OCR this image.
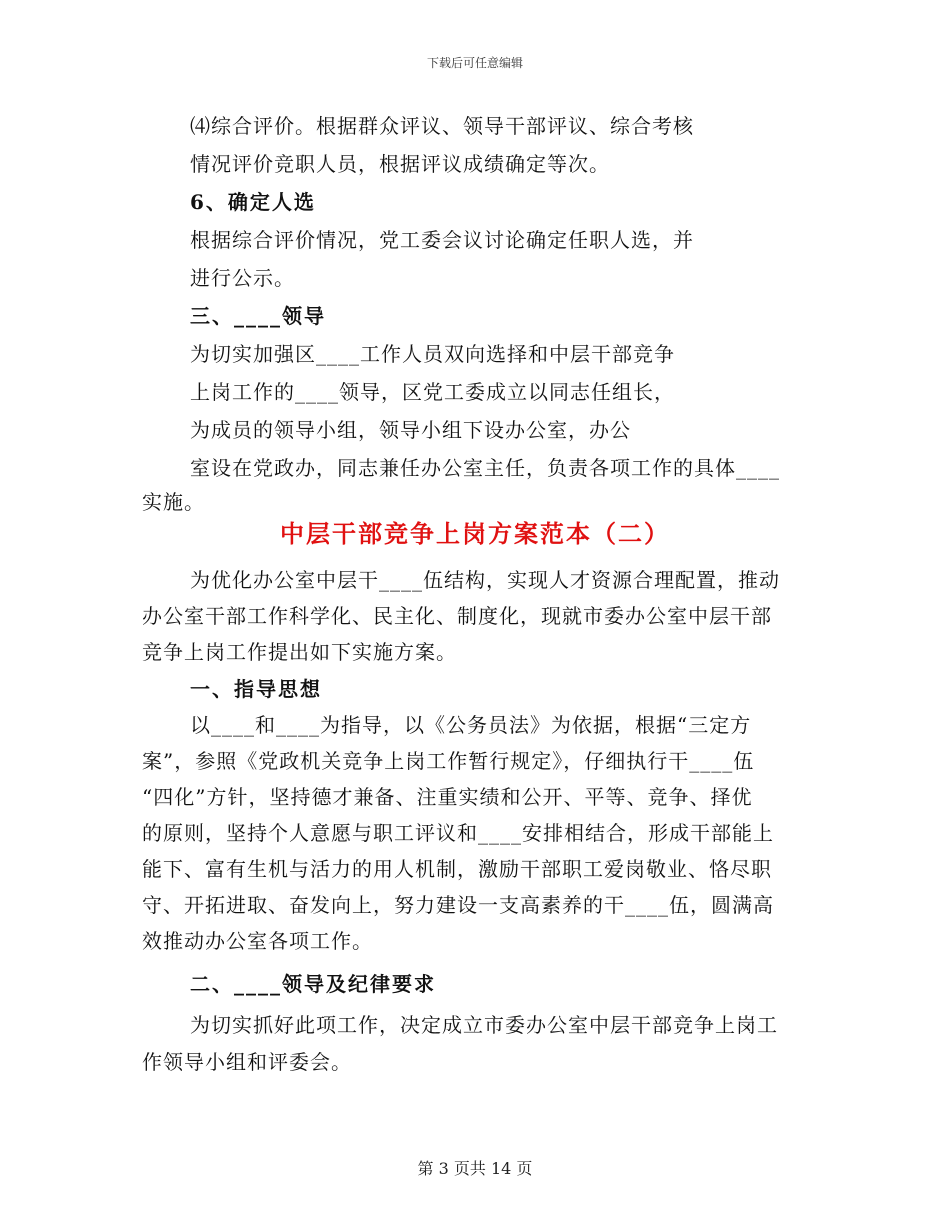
下载后可任意编辑
⑷综合评价。根据群众评议、领导干部评议、综合考核
情况评价竞职人员，根据评议成绩确定等次。
6、确定人选
根据综合评价情况，党工委会议讨论确定任职人选，并
进行公示。
三、____领导
为切实加强区____工作人员双向选择和中层干部竞争
上岗工作的____领导，区党工委成立以同志任组长，
为成员的领导小组，领导小组下设办公室，办公
室设在党政办，同志兼任办公室主任，负责各项工作的具体____
实施。
中层干部竞争上岗方案范本（二）
为优化办公室中层干____伍结构，实现人才资源合理配置，推动
办公室干部工作科学化、民主化、制度化，现就市委办公室中层干部
竞争上岗工作提出如下实施方案。
一、指导思想
以____和____为指导，以《公务员法》为依据，根据“三定方
案”，参照《党政机关竞争上岗工作暂行规定》，仔细执行干____伍
“四化”方针，坚持德才兼备、注重实绩和公开、平等、竞争、择优
的原则，坚持个人意愿与职工评议和____安排相结合，形成干部能上
能下、富有生机与活力的用人机制，激励干部职工爱岗敬业、恪尽职
守、开拓进取、奋发向上，努力建设一支高素养的干____伍，圆满高
效推动办公室各项工作。
二、____领导及纪律要求
为切实抓好此项工作，决定成立市委办公室中层干部竞争上岗工
作领导小组和评委会。
第 3 页共 14 页
